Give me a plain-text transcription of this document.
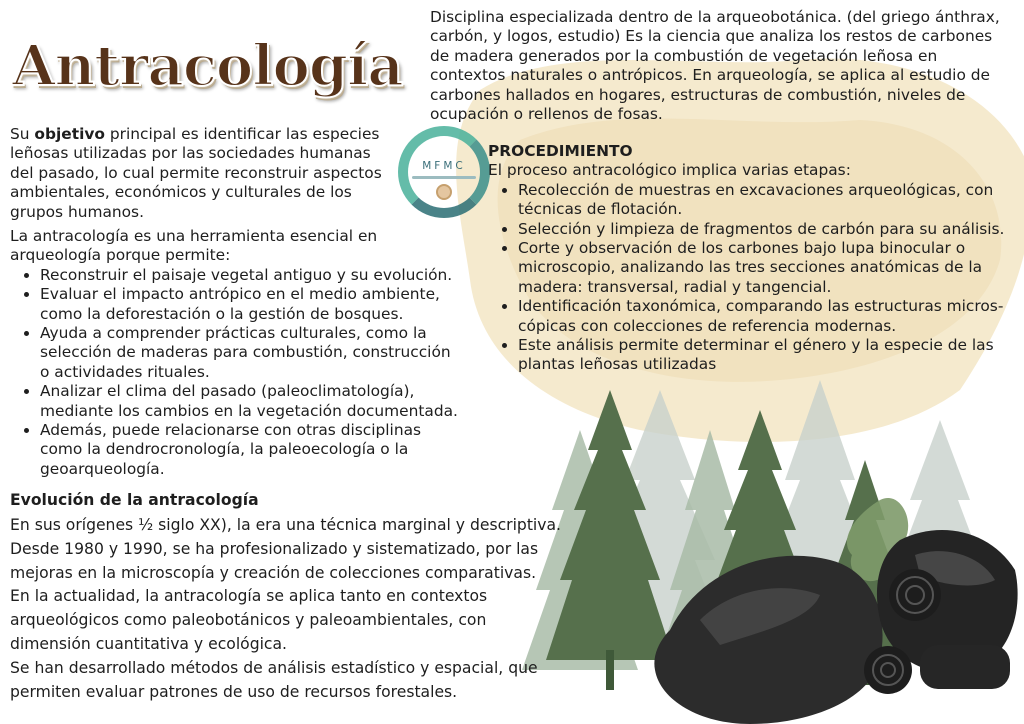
Antracología

Disciplina especializada dentro de la arqueobotánica. (del griego ánthrax, carbón, y logos, estudio) Es la ciencia que analiza los restos de carbones de madera generados por la combustión de vegetación leñosa en contextos naturales o antrópicos. En arqueología, se aplica al estudio de carbones hallados en hogares, estructuras de combustión, niveles de ocupación o rellenos de fosas.

Su objetivo principal es identificar las especies leñosas utilizadas por las sociedades humanas del pasado, lo cual permite reconstruir aspectos ambientales, económicos y culturales de los grupos humanos.

La antracología es una herramienta esencial en arqueología porque permite:

• Reconstruir el paisaje vegetal antiguo y su evolución.
• Evaluar el impacto antrópico en el medio ambiente, como la deforestación o la gestión de bosques.
• Ayuda a comprender prácticas culturales, como la selección de maderas para combustión, construcción o actividades rituales.
• Analizar el clima del pasado (paleoclimatología), mediante los cambios en la vegetación documentada.
• Además, puede relacionarse con otras disciplinas como la dendrocronología, la paleoecología o la geoarqueología.
MFMC
PROCEDIMIENTO

El proceso antracológico implica varias etapas:

• Recolección de muestras en excavaciones arqueológicas, con técnicas de flotación.
• Selección y limpieza de fragmentos de carbón para su análisis.
• Corte y observación de los carbones bajo lupa binocular o microscopio, analizando las tres secciones anatómicas de la madera: transversal, radial y tangencial.
• Identificación taxonómica, comparando las estructuras micros-cópicas con colecciones de referencia modernas.
• Este análisis permite determinar el género y la especie de las plantas leñosas utilizadas
Evolución de la antracología

En sus orígenes ½ siglo XX), la era una técnica marginal y descriptiva.

Desde 1980 y 1990, se ha profesionalizado y sistematizado, por las mejoras en la microscopía y creación de colecciones comparativas.

En la actualidad, la antracología se aplica tanto en contextos arqueológicos como paleobotánicos y paleoambientales, con dimensión cuantitativa y ecológica.

Se han desarrollado métodos de análisis estadístico y espacial, que permiten evaluar patrones de uso de recursos forestales.
